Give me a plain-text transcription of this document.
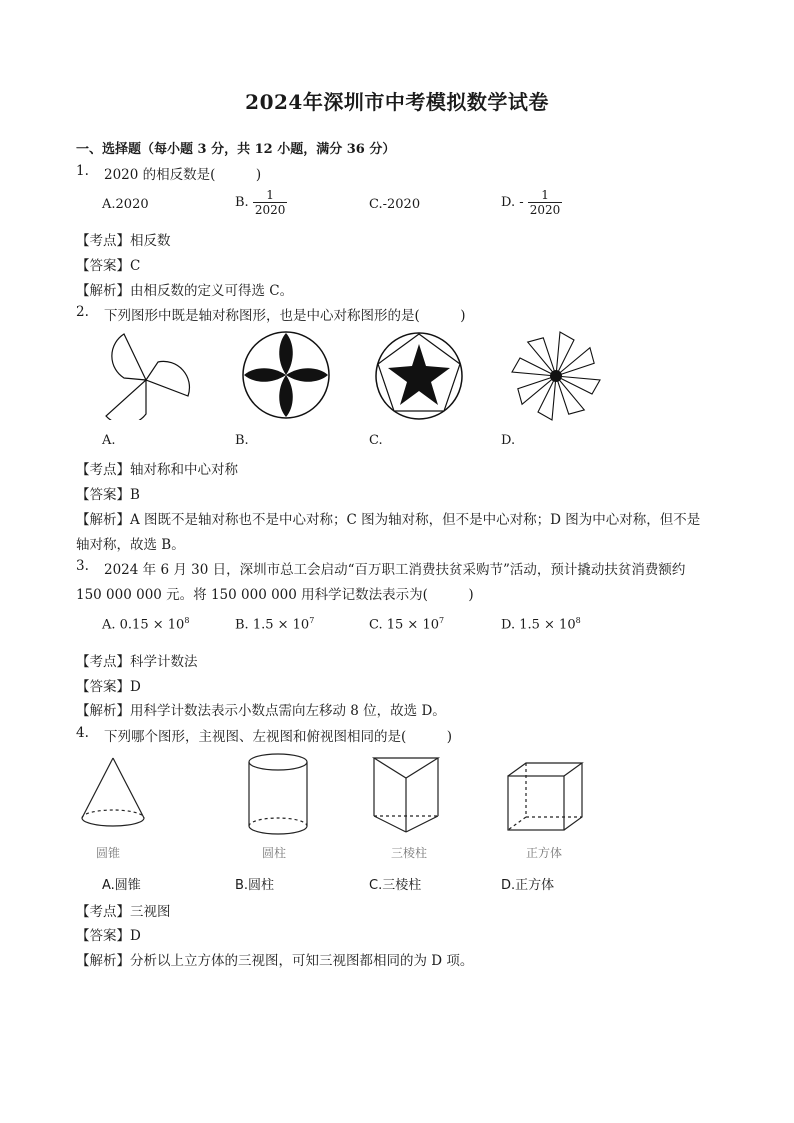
2024年深圳市中考模拟数学试卷
一、选择题（每小题 3 分，共 12 小题，满分 36 分）
1. 2020 的相反数是(　　　)
A.2020	B. $\frac{1}{2020}$	C.-2020	D. - $\frac{1}{2020}$
【考点】相反数
【答案】C
【解析】由相反数的定义可得选 C。
2. 下列图形中既是轴对称图形，也是中心对称图形的是(　　　)
A.	B.	C.	D.
【考点】轴对称和中心对称
【答案】B
【解析】A 图既不是轴对称也不是中心对称；C 图为轴对称，但不是中心对称；D 图为中心对称，但不是
轴对称，故选 B。
3. 2024 年 6 月 30 日，深圳市总工会启动“百万职工消费扶贫采购节”活动，预计撬动扶贫消费额约
150 000 000 元。将 150 000 000 用科学记数法表示为(　　　)
A. $0.15 \times 10^8$	B. $1.5 \times 10^7$	C. $15 \times 10^7$	D. $1.5 \times 10^8$
【考点】科学计数法
【答案】D
【解析】用科学计数法表示小数点需向左移动 8 位，故选 D。
4. 下列哪个图形，主视图、左视图和俯视图相同的是(　　　)
圆锥	圆柱	三棱柱	正方体
A.圆锥	B.圆柱	C.三棱柱	D.正方体
【考点】三视图
【答案】D
【解析】分析以上立方体的三视图，可知三视图都相同的为 D 项。
